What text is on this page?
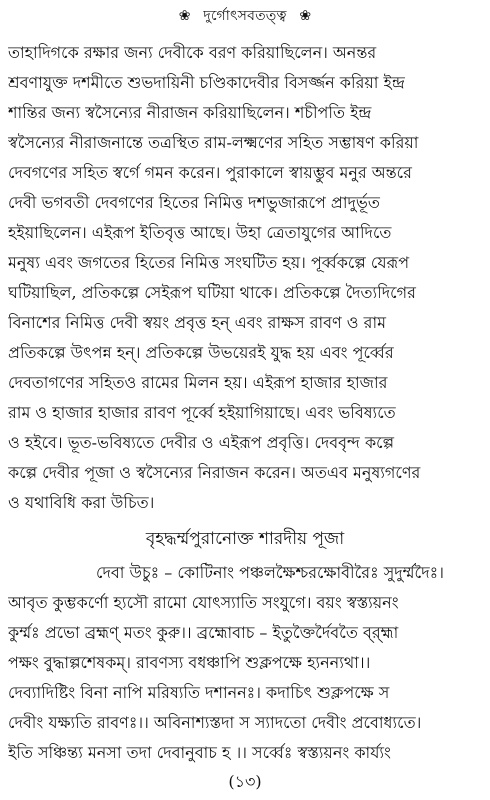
❀ দুর্গোৎসবতত্ত্ব ❀
তাহাদিগকে রক্ষার জন্য দেবীকে বরণ করিয়াছিলেন। অনন্তর
শ্রবণাযুক্ত দশমীতে শুভদায়িনী চণ্ডিকাদেবীর বিসর্জ্জন করিয়া ইন্দ্র
শান্তির জন্য স্বসৈন্যের নীরাজন করিয়াছিলেন। শচীপতি ইন্দ্র
স্বসৈন্যের নীরাজনান্তে তত্রস্থিত রাম-লক্ষ্মণের সহিত সম্ভাষণ করিয়া
দেবগণের সহিত স্বর্গে গমন করেন। পুরাকালে স্বায়ম্ভুব মনুর অন্তরে
দেবী ভগবতী দেবগণের হিতের নিমিত্ত দশভুজারূপে প্রাদুর্ভূত
হইয়াছিলেন। এইরূপ ইতিবৃত্ত আছে। উহা ত্রেতাযুগের আদিতে
মনুষ্য এবং জগতের হিতের নিমিত্ত সংঘটিত হয়। পূর্ব্বকল্পে যেরূপ
ঘটিয়াছিল, প্রতিকল্পে সেইরূপ ঘটিয়া থাকে। প্রতিকল্পে দৈত্যদিগের
বিনাশের নিমিত্ত দেবী স্বয়ং প্রবৃত্ত হন্ এবং রাক্ষস রাবণ ও রাম
প্রতিকল্পে উৎপন্ন হন্। প্রতিকল্পে উভয়েরই যুদ্ধ হয় এবং পূর্ব্বের
দেবতাগণের সহিতও রামের মিলন হয়। এইরূপ হাজার হাজার
রাম ও হাজার হাজার রাবণ পূর্ব্বে হইয়াগিয়াছে। এবং ভবিষ্যতে
ও হইবে। ভূত-ভবিষ্যতে দেবীর ও এইরূপ প্রবৃত্তি। দেববৃন্দ কল্পে
কল্পে দেবীর পূজা ও স্বসৈন্যের নিরাজন করেন। অতএব মনুষ্যগণের
ও যথাবিধি করা উচিত।
বৃহদ্ধর্ম্মপুরানোক্ত শারদীয় পূজা
দেবা উচুঃ – কোটিনাং পঞ্চলক্ষৈশ্চরক্ষোবীরৈঃ সুদুর্ম্মদৈঃ।
আবৃত কুম্ভকর্ণো হ্যসৌ রামো যোৎস্যাতি সংযুগে। বয়ং স্বস্ত্যয়নং
কুর্ম্মঃ প্রভো ব্রহ্মণ্ মতং কুরু।। ব্রহ্মোবাচ – ইতুক্তৈর্দৈবতৈ ব্র্হ্মা
পক্ষং বুদ্ধাল্পশেষকম্। রাবণস্য বধঞ্চাপি শুক্লপক্ষে হ্যনন্যথা।।
দেব্যাদিষ্টিং বিনা নাপি মরিষ্যতি দশাননঃ। কদাচিৎ শুক্লপক্ষে স
দেবীং যক্ষ্যতি রাবণঃ।। অবিনাশ্যস্তদা স স্যাদতো দেবীং প্রবোধ্যতে।
ইতি সঞ্চিন্ত্য মনসা তদা দেবানুবাচ হ ।। সর্ব্বেঃ স্বস্ত্যয়নং কার্য্যং
(১৩)
